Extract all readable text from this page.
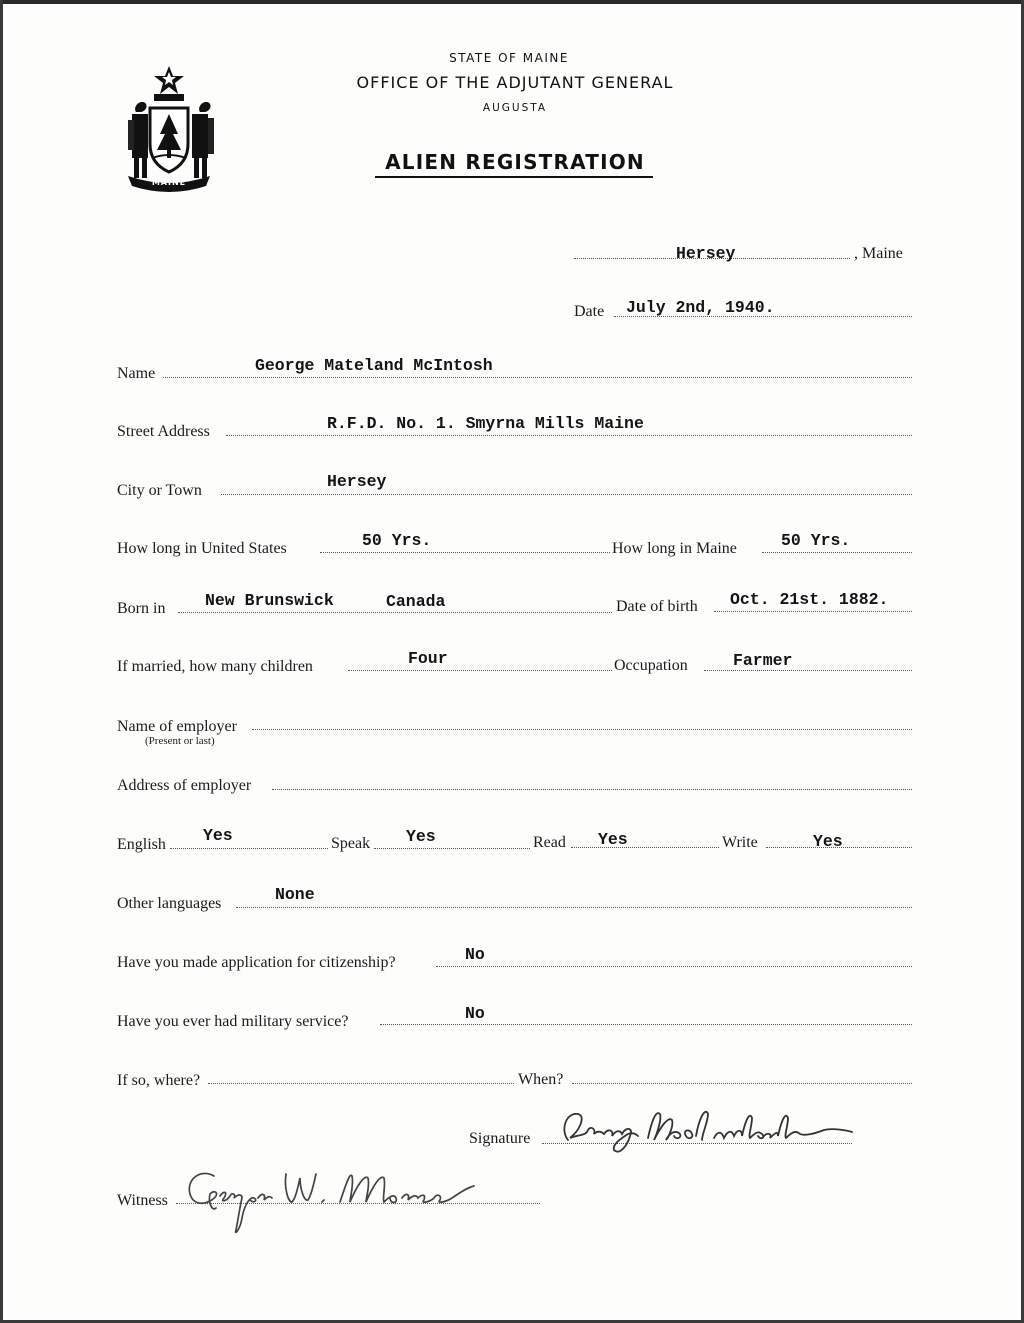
MAINE
STATE OF MAINE
OFFICE OF THE ADJUTANT GENERAL
AUGUSTA
ALIEN REGISTRATION
Hersey	, Maine
Date July 2nd, 1940.
Name	George Mateland McIntosh
Street Address	R.F.D. No. 1. Smyrna Mills Maine
City or Town	Hersey
How long in United States	50 Yrs.	How long in Maine	50 Yrs.
Born in New Brunswick	Canada	Date of birth Oct. 21st. 1882.
If married, how many children	Four	Occupation	Farmer
Name of employer
(Present or last)
Address of employer
English Yes	Speak Yes	Read Yes	Write	Yes
Other languages	None
Have you made application for citizenship?	No
Have you ever had military service?	No
If so, where?	When?
Signature
Witness
